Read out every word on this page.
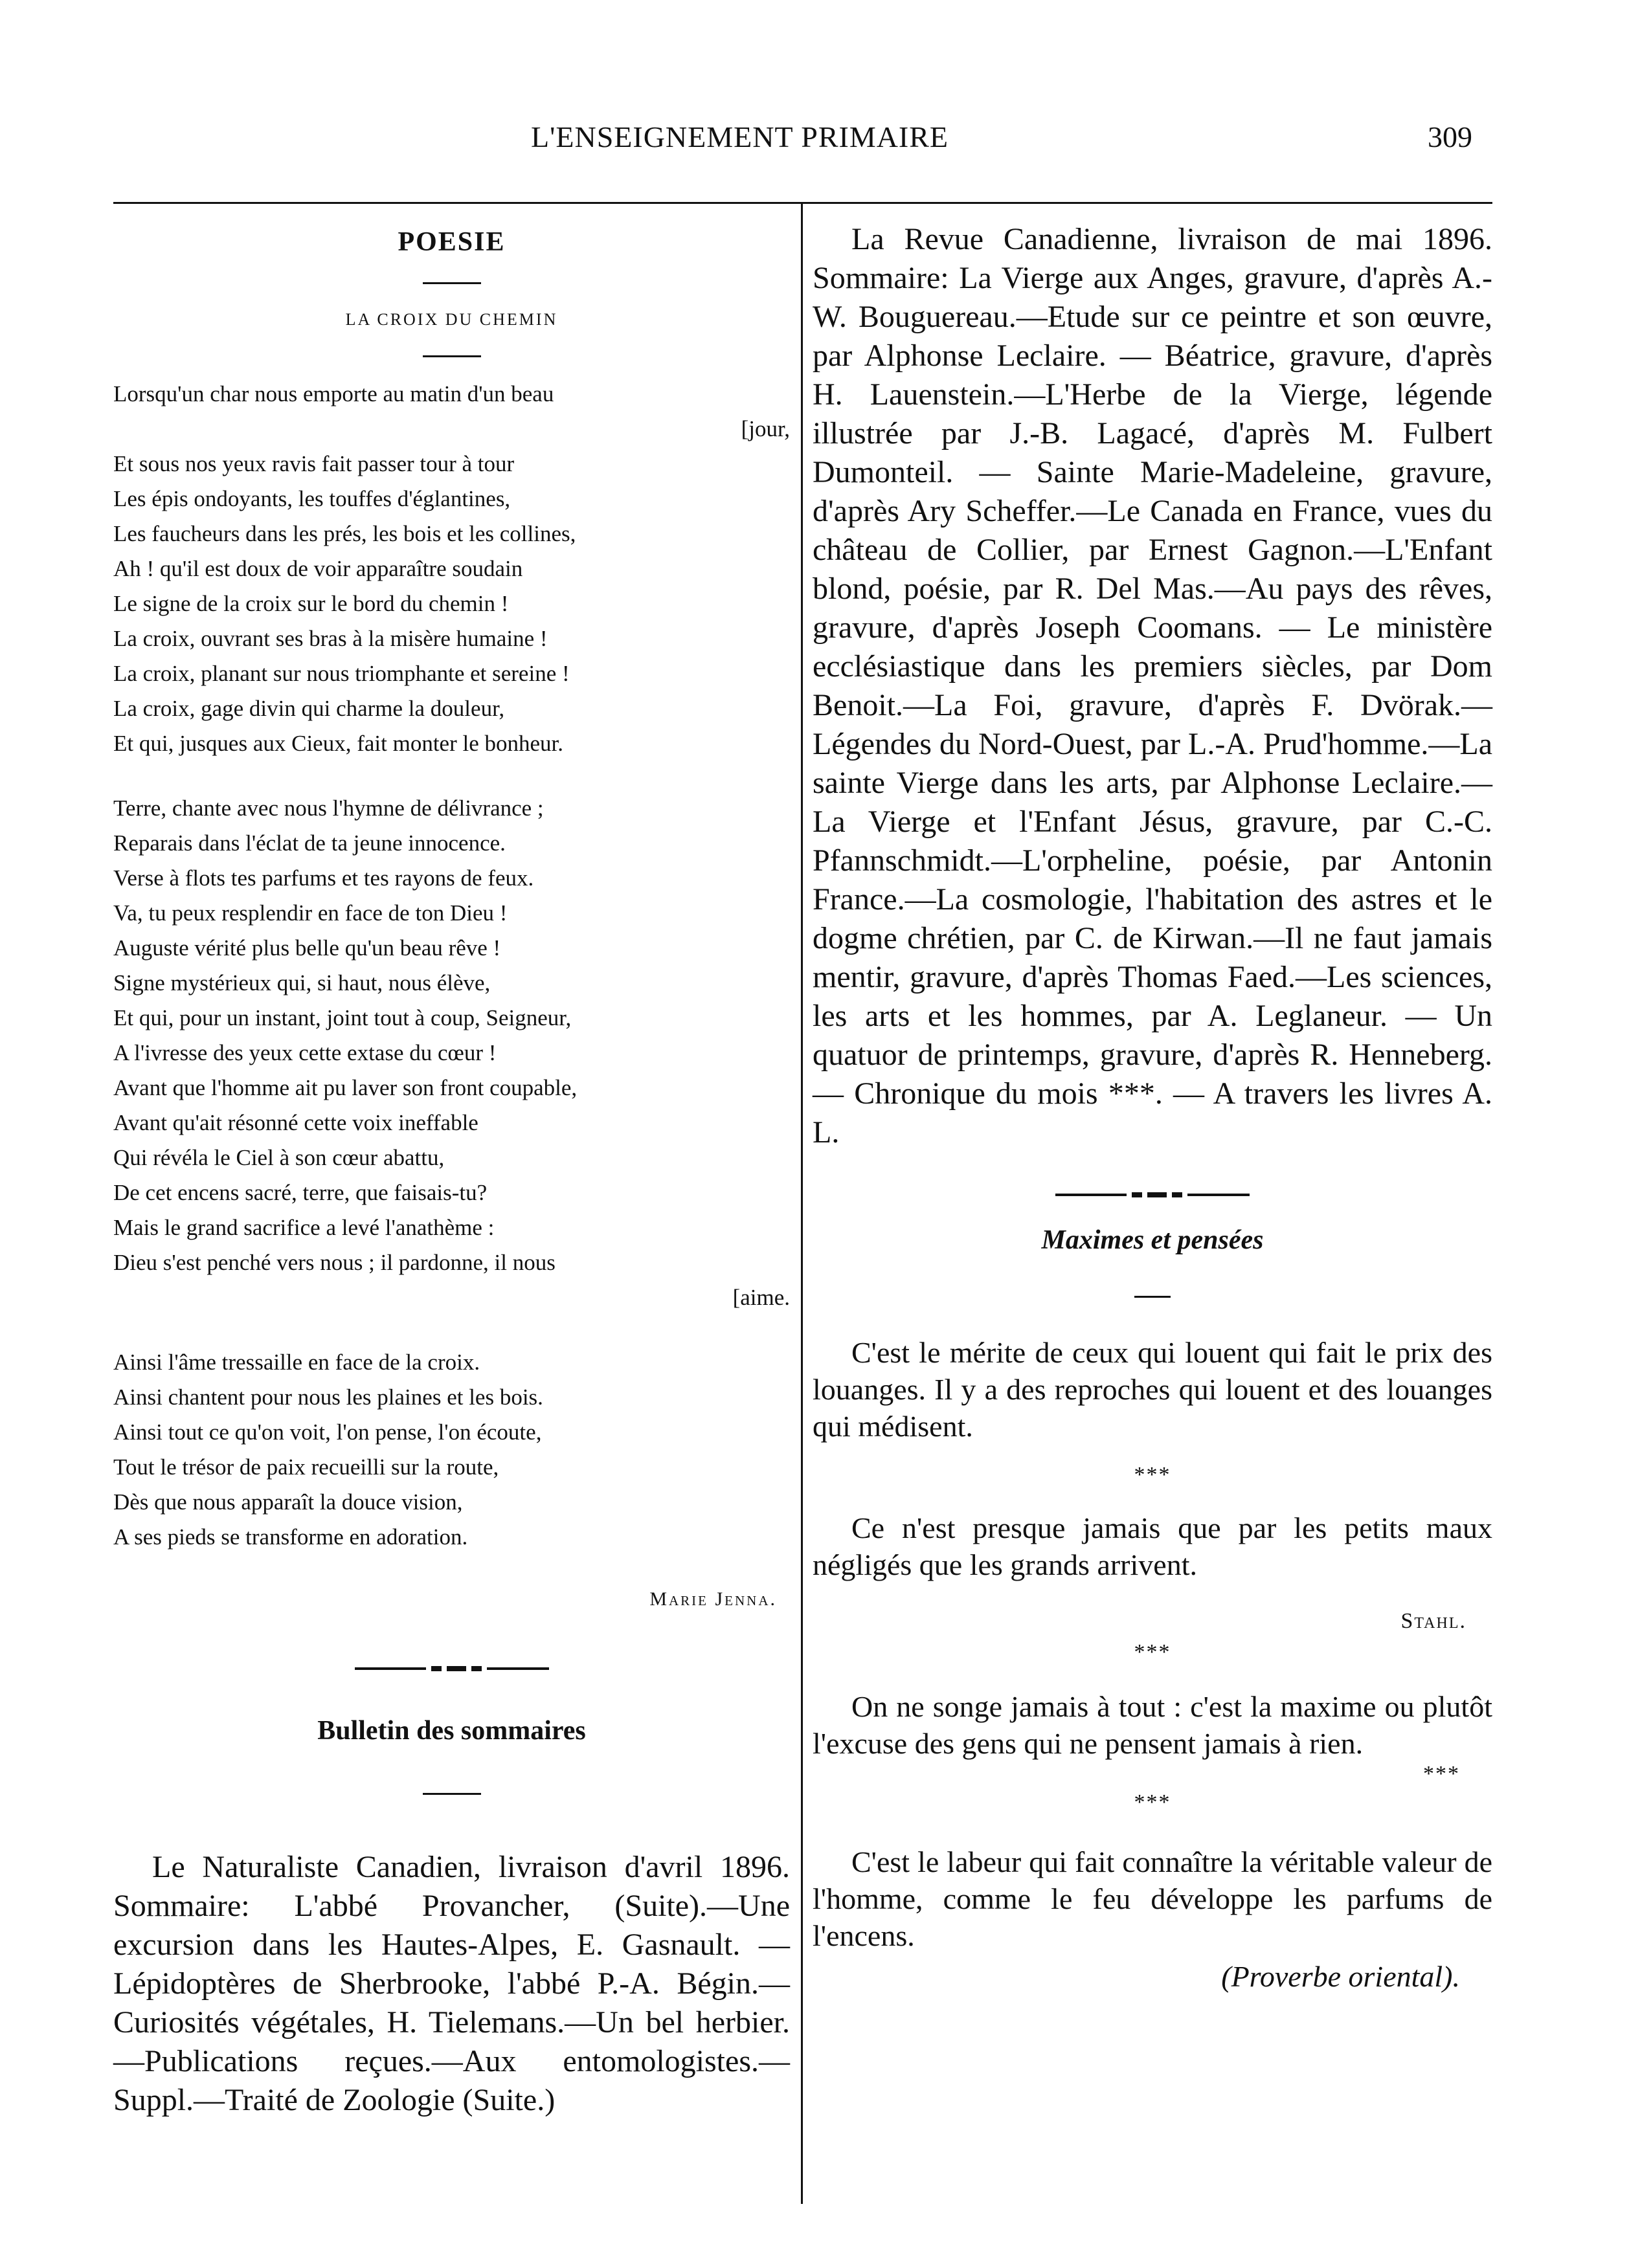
L'ENSEIGNEMENT PRIMAIRE	309
POESIE
LA CROIX DU CHEMIN
Lorsqu'un char nous emporte au matin d'un beau
[jour,
Et sous nos yeux ravis fait passer tour à tour
Les épis ondoyants, les touffes d'églantines,
Les faucheurs dans les prés, les bois et les collines,
Ah ! qu'il est doux de voir apparaître soudain
Le signe de la croix sur le bord du chemin !
La croix, ouvrant ses bras à la misère humaine !
La croix, planant sur nous triomphante et sereine !
La croix, gage divin qui charme la douleur,
Et qui, jusques aux Cieux, fait monter le bonheur.
Terre, chante avec nous l'hymne de délivrance ;
Reparais dans l'éclat de ta jeune innocence.
Verse à flots tes parfums et tes rayons de feux.
Va, tu peux resplendir en face de ton Dieu !
Auguste vérité plus belle qu'un beau rêve !
Signe mystérieux qui, si haut, nous élève,
Et qui, pour un instant, joint tout à coup, Seigneur,
A l'ivresse des yeux cette extase du cœur !
Avant que l'homme ait pu laver son front coupable,
Avant qu'ait résonné cette voix ineffable
Qui révéla le Ciel à son cœur abattu,
De cet encens sacré, terre, que faisais-tu?
Mais le grand sacrifice a levé l'anathème :
Dieu s'est penché vers nous ; il pardonne, il nous
[aime.
Ainsi l'âme tressaille en face de la croix.
Ainsi chantent pour nous les plaines et les bois.
Ainsi tout ce qu'on voit, l'on pense, l'on écoute,
Tout le trésor de paix recueilli sur la route,
Dès que nous apparaît la douce vision,
A ses pieds se transforme en adoration.
Marie Jenna.
Bulletin des sommaires

Le Naturaliste Canadien, livraison d'avril 1896. Sommaire: L'abbé Provancher, (Suite).—Une excursion dans les Hautes-Alpes, E. Gasnault. — Lépidoptères de Sherbrooke, l'abbé P.-A. Bégin.—Curiosités végétales, H. Tielemans.—Un bel herbier.—Publications reçues.—Aux entomologistes.—Suppl.—Traité de Zoologie (Suite.)

La Revue Canadienne, livraison de mai 1896. Sommaire: La Vierge aux Anges, gravure, d'après A.-W. Bouguereau.—Etude sur ce peintre et son œuvre, par Alphonse Leclaire. — Béatrice, gravure, d'après H. Lauenstein.—L'Herbe de la Vierge, légende illustrée par J.-B. Lagacé, d'après M. Fulbert Dumonteil. — Sainte Marie-Madeleine, gravure, d'après Ary Scheffer.—Le Canada en France, vues du château de Collier, par Ernest Gagnon.—L'Enfant blond, poésie, par R. Del Mas.—Au pays des rêves, gravure, d'après Joseph Coomans. — Le ministère ecclésiastique dans les premiers siècles, par Dom Benoit.—La Foi, gravure, d'après F. Dvörak.—Légendes du Nord-Ouest, par L.-A. Prud'homme.—La sainte Vierge dans les arts, par Alphonse Leclaire.—La Vierge et l'Enfant Jésus, gravure, par C.-C. Pfannschmidt.—L'orpheline, poésie, par Antonin France.—La cosmologie, l'habitation des astres et le dogme chrétien, par C. de Kirwan.—Il ne faut jamais mentir, gravure, d'après Thomas Faed.—Les sciences, les arts et les hommes, par A. Leglaneur. — Un quatuor de printemps, gravure, d'après R. Henneberg. — Chronique du mois ***. — A travers les livres A. L.

Maximes et pensées

C'est le mérite de ceux qui louent qui fait le prix des louanges. Il y a des reproches qui louent et des louanges qui médisent.

***

Ce n'est presque jamais que par les petits maux négligés que les grands arrivent.

Stahl.
***

On ne songe jamais à tout : c'est la maxime ou plutôt l'excuse des gens qui ne pensent jamais à rien.

***
***

C'est le labeur qui fait connaître la véritable valeur de l'homme, comme le feu développe les parfums de l'encens.

(Proverbe oriental).
